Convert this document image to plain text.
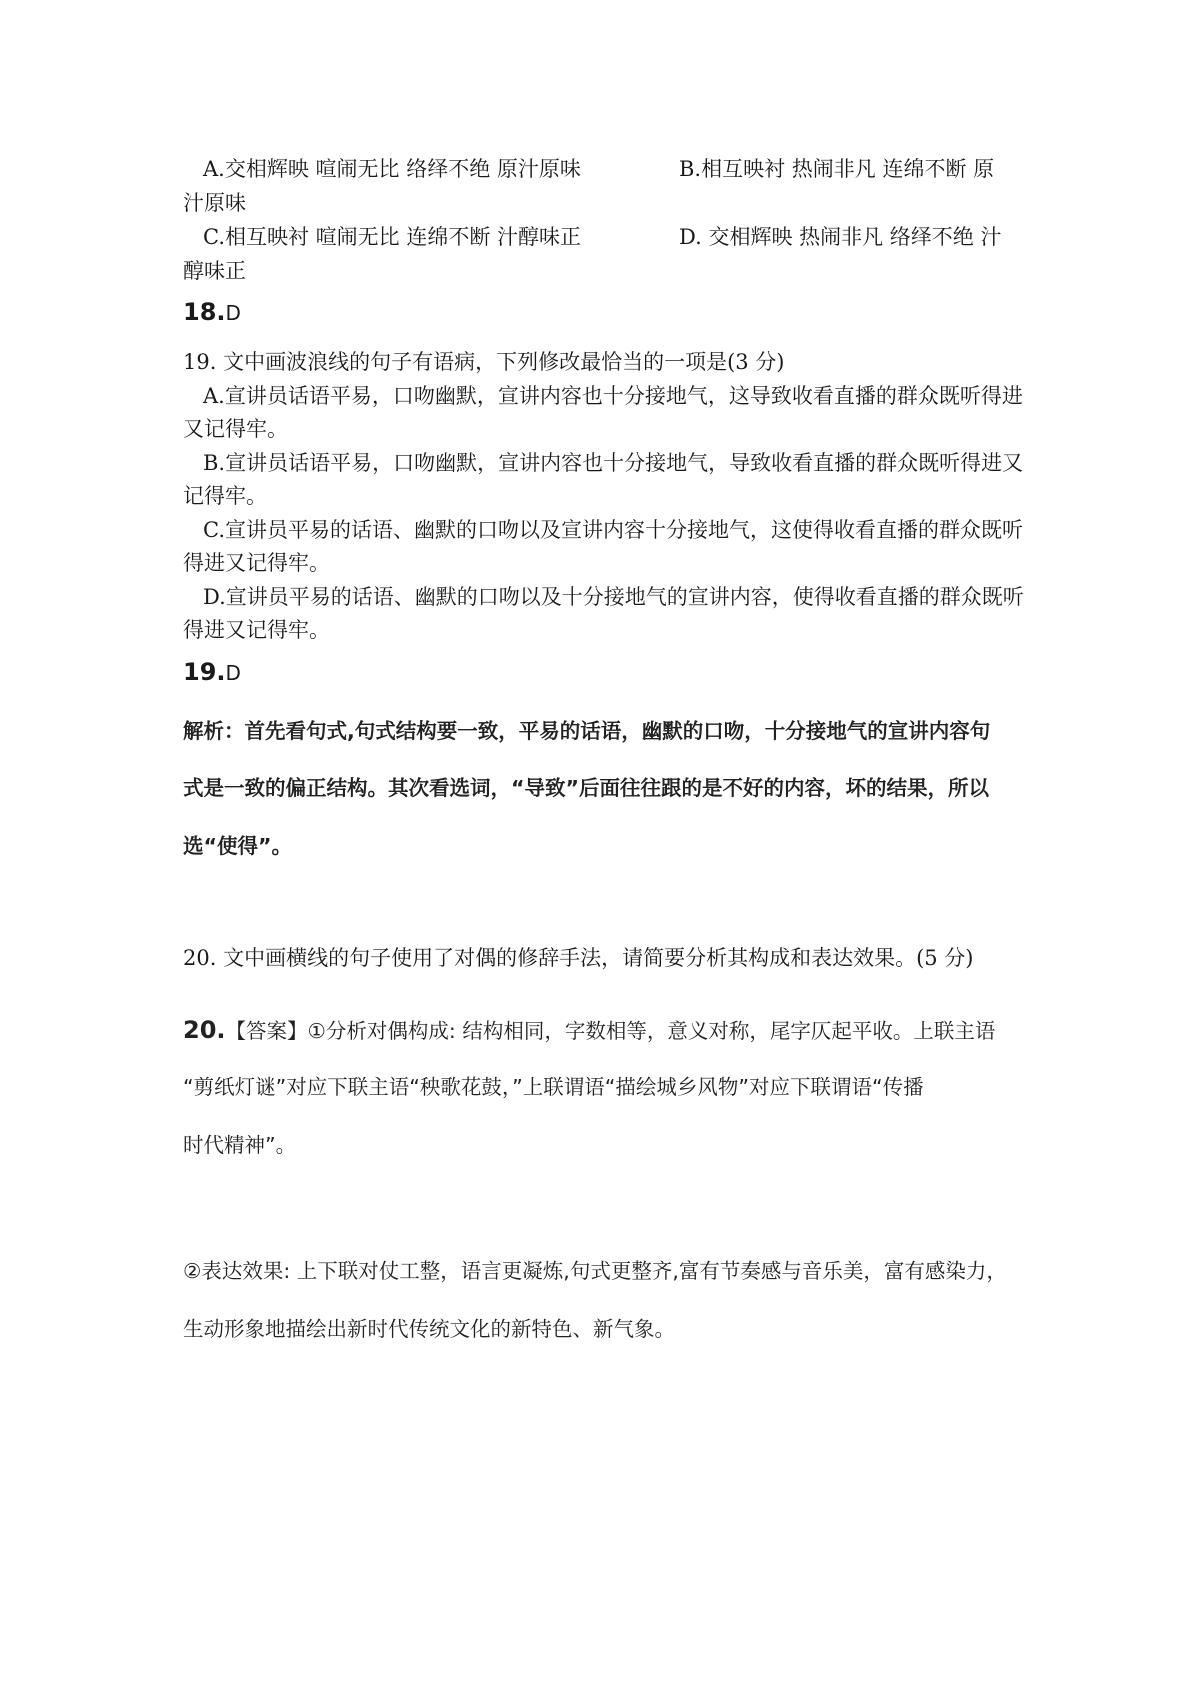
A.交相辉映 喧闹无比 络绎不绝 原汁原味	B.相互映衬 热闹非凡 连绵不断 原
汁原味
C.相互映衬 喧闹无比 连绵不断 汁醇味正	D. 交相辉映 热闹非凡 络绎不绝 汁
醇味正
18.D
19. 文中画波浪线的句子有语病，下列修改最恰当的一项是(3 分)
A.宣讲员话语平易，口吻幽默，宣讲内容也十分接地气，这导致收看直播的群众既听得进
又记得牢。
B.宣讲员话语平易，口吻幽默，宣讲内容也十分接地气，导致收看直播的群众既听得进又
记得牢。
C.宣讲员平易的话语、幽默的口吻以及宣讲内容十分接地气，这使得收看直播的群众既听
得进又记得牢。
D.宣讲员平易的话语、幽默的口吻以及十分接地气的宣讲内容，使得收看直播的群众既听
得进又记得牢。
19.D
解析：首先看句式,句式结构要一致，平易的话语，幽默的口吻，十分接地气的宣讲内容句
式是一致的偏正结构。其次看选词，“导致”后面往往跟的是不好的内容，坏的结果，所以
选“使得”。
20. 文中画横线的句子使用了对偶的修辞手法，请简要分析其构成和表达效果。(5 分)
20.【答案】①分析对偶构成: 结构相同，字数相等，意义对称，尾字仄起平收。上联主语
“剪纸灯谜”对应下联主语“秧歌花鼓，”上联谓语“描绘城乡风物”对应下联谓语“传播
时代精神”。
②表达效果: 上下联对仗工整，语言更凝炼,句式更整齐,富有节奏感与音乐美，富有感染力，
生动形象地描绘出新时代传统文化的新特色、新气象。
